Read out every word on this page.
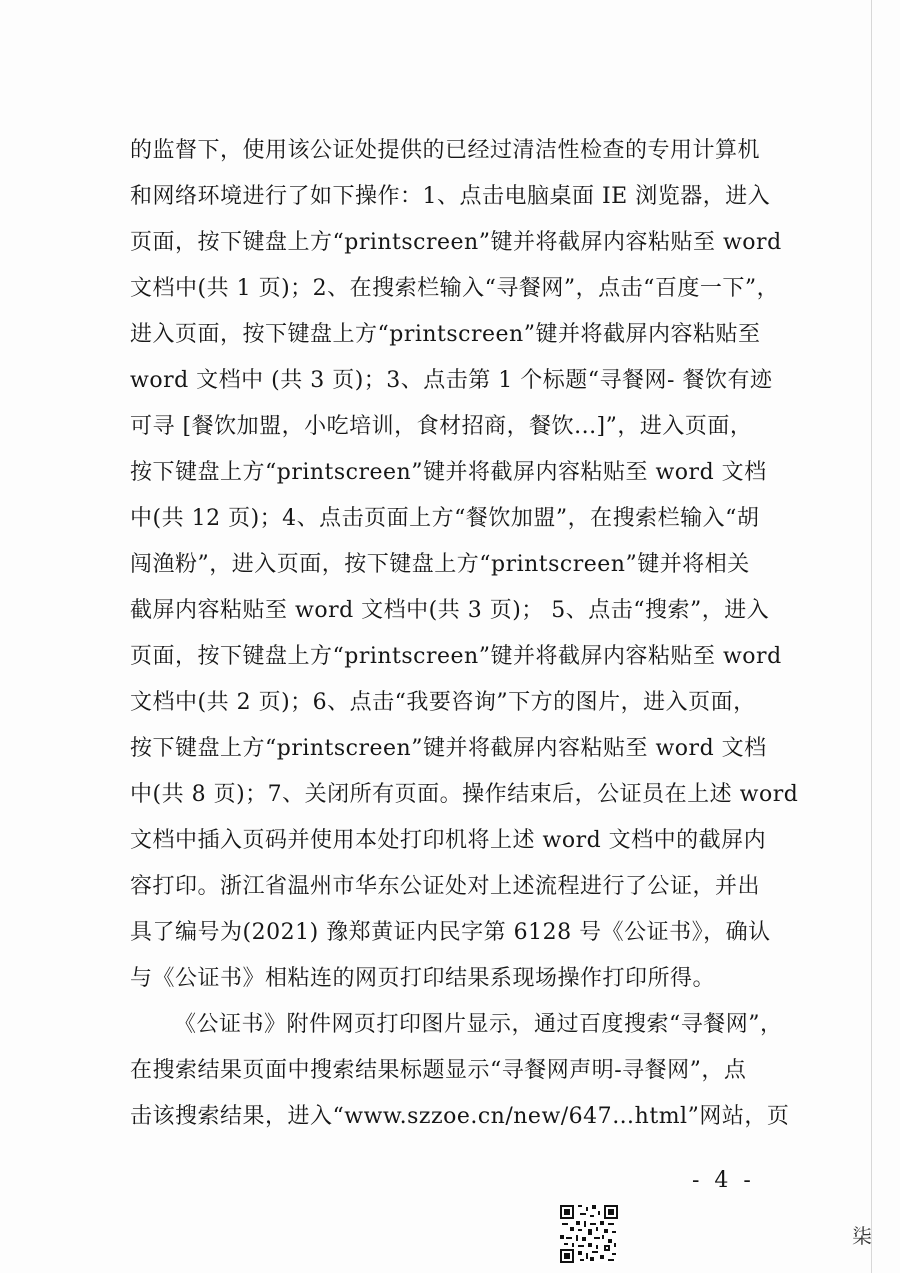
的监督下，使用该公证处提供的已经过清洁性检查的专用计算机
和网络环境进行了如下操作：1、点击电脑桌面 IE 浏览器，进入
页面，按下键盘上方“printscreen”键并将截屏内容粘贴至 word
文档中(共 1 页)；2、在搜索栏输入“寻餐网”，点击“百度一下”，
进入页面，按下键盘上方“printscreen”键并将截屏内容粘贴至
word 文档中 (共 3 页)；3、点击第 1 个标题“寻餐网- 餐饮有迹
可寻 [餐饮加盟，小吃培训，食材招商，餐饮...]”，进入页面，
按下键盘上方“printscreen”键并将截屏内容粘贴至 word 文档
中(共 12 页)；4、点击页面上方“餐饮加盟”，在搜索栏输入“胡
闯渔粉”，进入页面，按下键盘上方“printscreen”键并将相关
截屏内容粘贴至 word 文档中(共 3 页)； 5、点击“搜索”，进入
页面，按下键盘上方“printscreen”键并将截屏内容粘贴至 word
文档中(共 2 页)；6、点击“我要咨询”下方的图片，进入页面，
按下键盘上方“printscreen”键并将截屏内容粘贴至 word 文档
中(共 8 页)；7、关闭所有页面。操作结束后，公证员在上述 word
文档中插入页码并使用本处打印机将上述 word 文档中的截屏内
容打印。浙江省温州市华东公证处对上述流程进行了公证，并出
具了编号为(2021) 豫郑黄证内民字第 6128 号《公证书》，确认
与《公证书》相粘连的网页打印结果系现场操作打印所得。
《公证书》附件网页打印图片显示，通过百度搜索“寻餐网”，
在搜索结果页面中搜索结果标题显示“寻餐网声明-寻餐网”，点
击该搜索结果，进入“www.szzoe.cn/new/647…html”网站，页
- 4 -
柒
